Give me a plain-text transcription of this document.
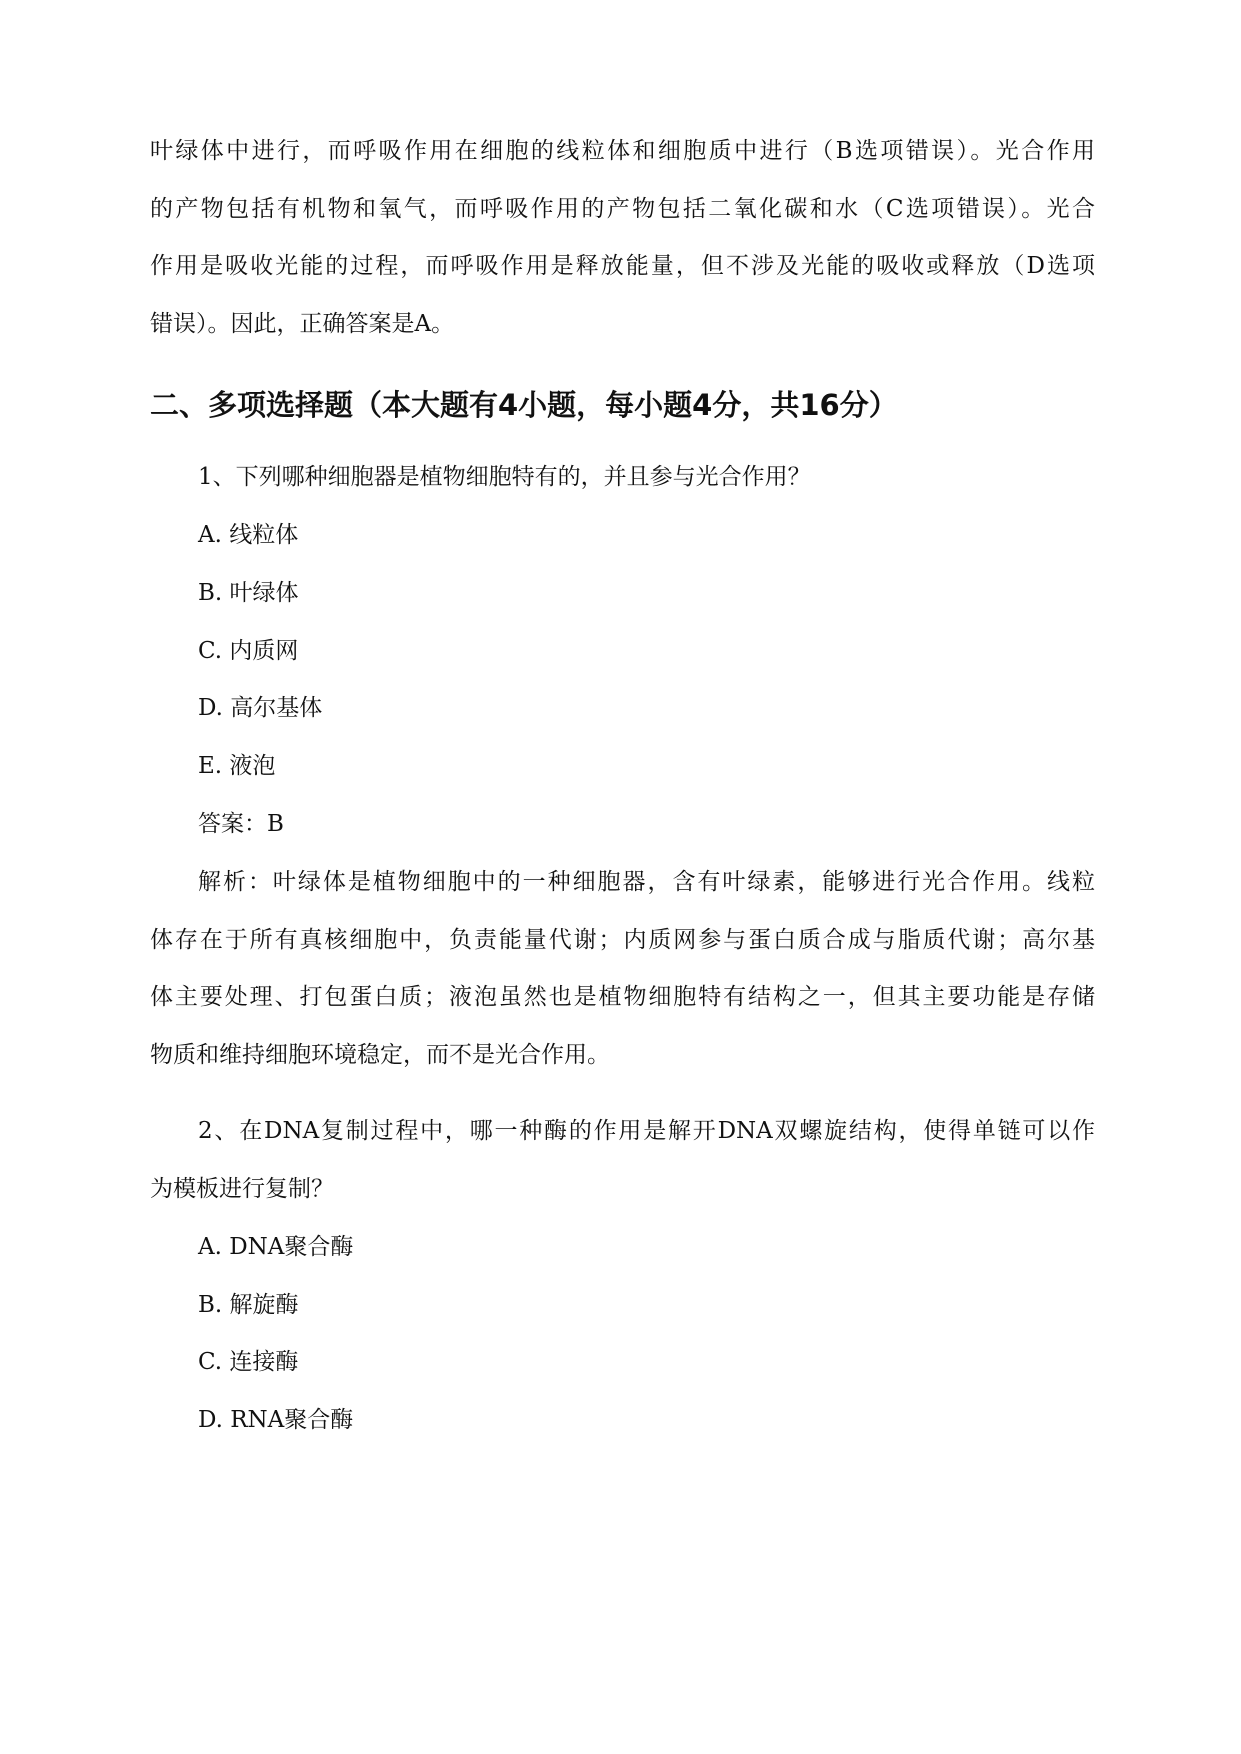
叶绿体中进行，而呼吸作用在细胞的线粒体和细胞质中进行（B选项错误）。光合作用
的产物包括有机物和氧气，而呼吸作用的产物包括二氧化碳和水（C选项错误）。光合
作用是吸收光能的过程，而呼吸作用是释放能量，但不涉及光能的吸收或释放（D选项
错误）。因此，正确答案是A。
二、多项选择题（本大题有4小题，每小题4分，共16分）
1、下列哪种细胞器是植物细胞特有的，并且参与光合作用？
A. 线粒体
B. 叶绿体
C. 内质网
D. 高尔基体
E. 液泡
答案：B
解析：叶绿体是植物细胞中的一种细胞器，含有叶绿素，能够进行光合作用。线粒
体存在于所有真核细胞中，负责能量代谢；内质网参与蛋白质合成与脂质代谢；高尔基
体主要处理、打包蛋白质；液泡虽然也是植物细胞特有结构之一，但其主要功能是存储
物质和维持细胞环境稳定，而不是光合作用。
2、在DNA复制过程中，哪一种酶的作用是解开DNA双螺旋结构，使得单链可以作
为模板进行复制？
A. DNA聚合酶
B. 解旋酶
C. 连接酶
D. RNA聚合酶
